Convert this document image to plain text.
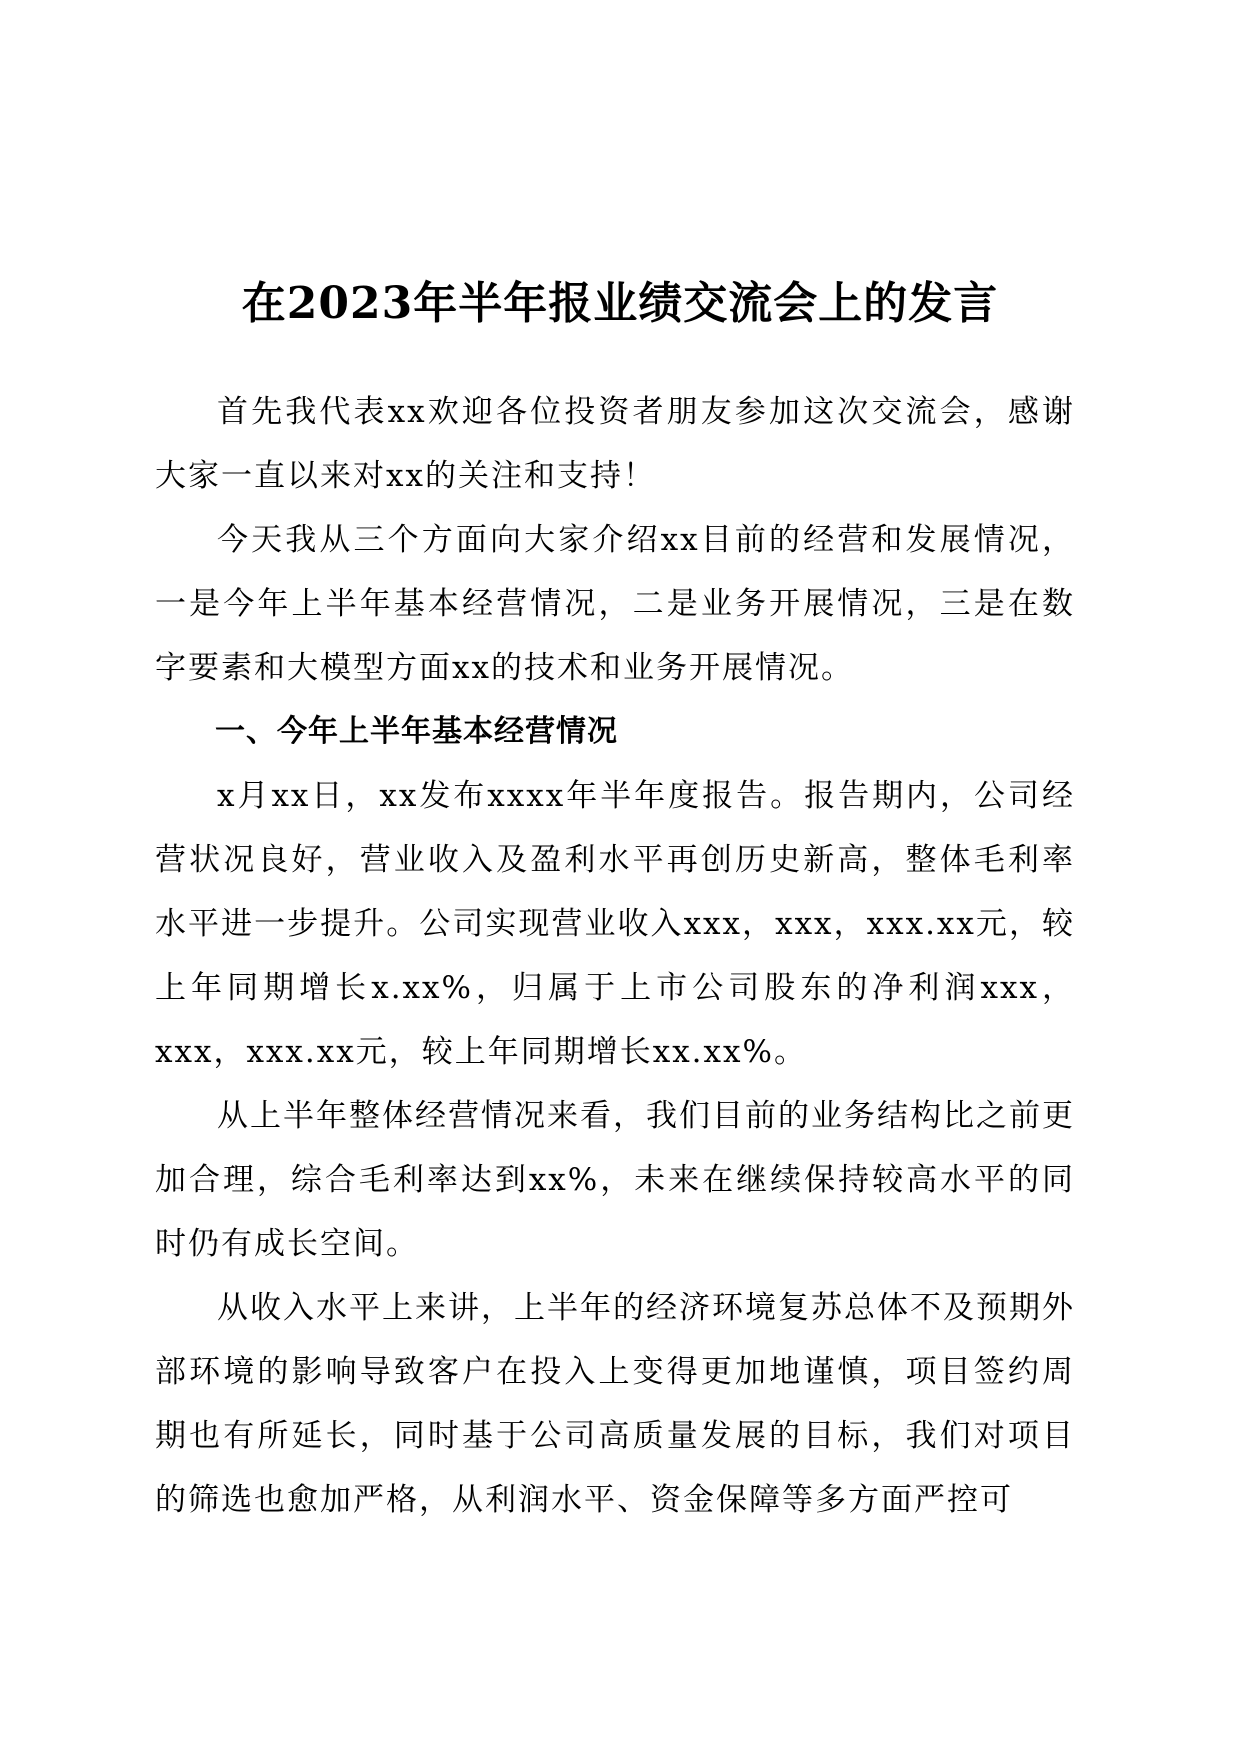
在2023年半年报业绩交流会上的发言

首先我代表xx欢迎各位投资者朋友参加这次交流会，感谢大家一直以来对xx的关注和支持！

今天我从三个方面向大家介绍xx目前的经营和发展情况，一是今年上半年基本经营情况，二是业务开展情况，三是在数字要素和大模型方面xx的技术和业务开展情况。

一、今年上半年基本经营情况

x月xx日，xx发布xxxx年半年度报告。报告期内，公司经营状况良好，营业收入及盈利水平再创历史新高，整体毛利率水平进一步提升。公司实现营业收入xxx，xxx，xxx.xx元，较上年同期增长x.xx%，归属于上市公司股东的净利润xxx，xxx，xxx.xx元，较上年同期增长xx.xx%。

从上半年整体经营情况来看，我们目前的业务结构比之前更加合理，综合毛利率达到xx%，未来在继续保持较高水平的同时仍有成长空间。

从收入水平上来讲，上半年的经济环境复苏总体不及预期外部环境的影响导致客户在投入上变得更加地谨慎，项目签约周期也有所延长，同时基于公司高质量发展的目标，我们对项目的筛选也愈加严格，从利润水平、资金保障等多方面严控可
